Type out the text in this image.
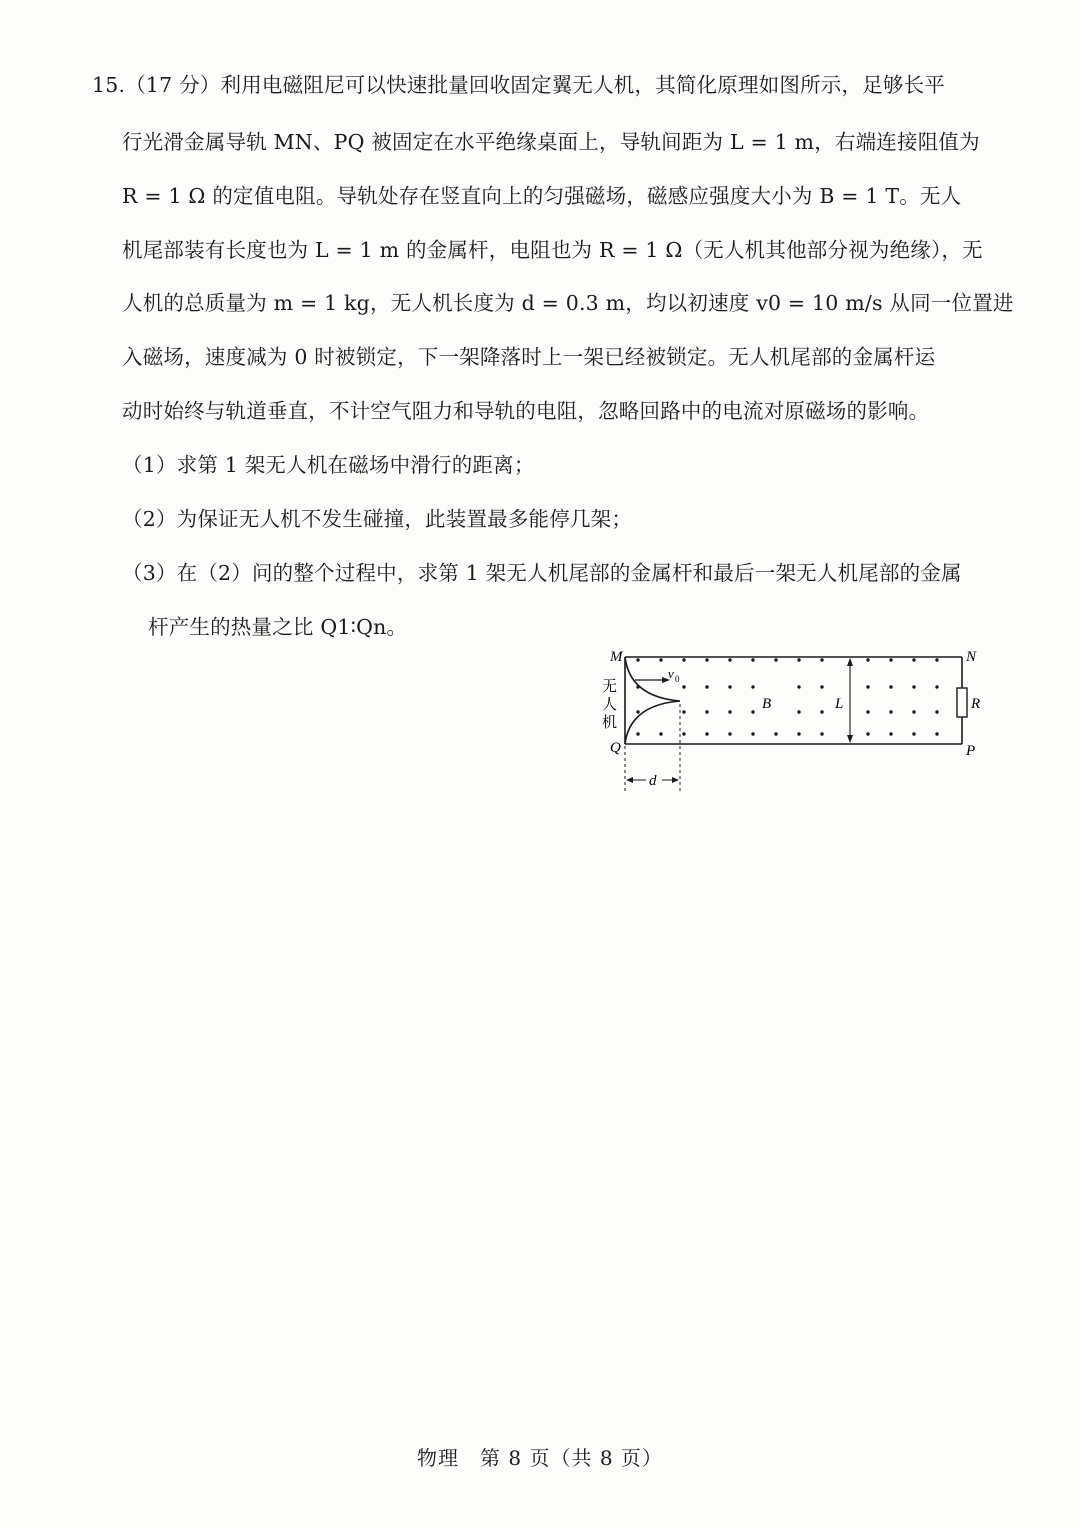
15.（17 分）利用电磁阻尼可以快速批量回收固定翼无人机，其简化原理如图所示，足够长平
行光滑金属导轨 MN、PQ 被固定在水平绝缘桌面上，导轨间距为 L = 1 m，右端连接阻值为
R = 1 Ω 的定值电阻。导轨处存在竖直向上的匀强磁场，磁感应强度大小为 B = 1 T。无人
机尾部装有长度也为 L = 1 m 的金属杆，电阻也为 R = 1 Ω（无人机其他部分视为绝缘），无
人机的总质量为 m = 1 kg，无人机长度为 d = 0.3 m，均以初速度 v0 = 10 m/s 从同一位置进
入磁场，速度减为 0 时被锁定，下一架降落时上一架已经被锁定。无人机尾部的金属杆运
动时始终与轨道垂直，不计空气阻力和导轨的电阻，忽略回路中的电流对原磁场的影响。
（1）求第 1 架无人机在磁场中滑行的距离；
（2）为保证无人机不发生碰撞，此装置最多能停几架；
（3）在（2）问的整个过程中，求第 1 架无人机尾部的金属杆和最后一架无人机尾部的金属
杆产生的热量之比 Q1∶Qn。
M
Q
N
P
R
B	L
d
v 0
无
人
机
物理　第 8 页（共 8 页）
